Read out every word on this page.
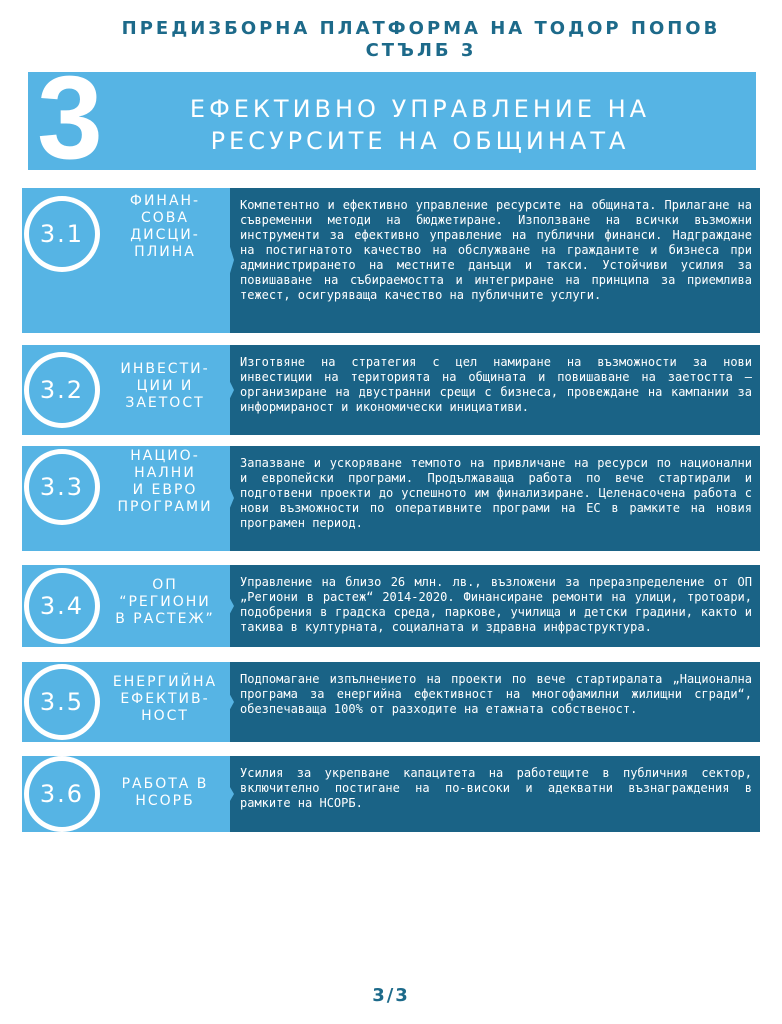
ПРЕДИЗБОРНА ПЛАТФОРМА НА ТОДОР ПОПОВ
СТЪЛБ 3
3	ЕФЕКТИВНО УПРАВЛЕНИЕ НА
РЕСУРСИТЕ НА ОБЩИНАТА
Компетентно и ефективно управление ресурсите на общината. Прилагане на съвременни методи на бюджетиране. Използване на всички възможни инструменти за ефективно управление на публични финанси. Надграждане на постигнатото качество на обслужване на гражданите и бизнеса при администрирането на местните данъци и такси. Устойчиви усилия за повишаване на събираемостта и интегриране на принципа за приемлива тежест, осигуряваща качество на публичните услуги.
3.1
ФИНАН-
СОВА
ДИСЦИ-
ПЛИНА
Изготвяне на стратегия с цел намиране на възможности за нови инвестиции на територията на общината и повишаване на заетостта – организиране на двустранни срещи с бизнеса, провеждане на кампании за информираност и икономически инициативи.
3.2
ИНВЕСТИ-
ЦИИ И
ЗАЕТОСТ
Запазване и ускоряване темпото на привличане на ресурси по национални и европейски програми. Продължаваща работа по вече стартирали и подготвени проекти до успешното им финализиране. Целенасочена работа с нови възможности по оперативните програми на ЕС в рамките на новия програмен период.
3.3
НАЦИО-
НАЛНИ
И ЕВРО
ПРОГРАМИ
Управление на близо 26 млн. лв., възложени за преразпределение от ОП „Региони в растеж“ 2014-2020. Финансиране ремонти на улици, тротоари, подобрения в градска среда, паркове, училища и детски градини, както и такива в културната, социалната и здравна инфраструктура.
3.4
ОП
“РЕГИОНИ
В РАСТЕЖ”
Подпомагане изпълнението на проекти по вече стартиралата „Национална програма за енергийна ефективност на многофамилни жилищни сгради“, обезпечаваща 100% от разходите на етажната собственост.
3.5
ЕНЕРГИЙНА
ЕФЕКТИВ-
НОСТ
Усилия за укрепване капацитета на работещите в публичния сектор, включително постигане на по-високи и адекватни възнаграждения в рамките на НСОРБ.
3.6	РАБОТА В
НСОРБ
3/3
